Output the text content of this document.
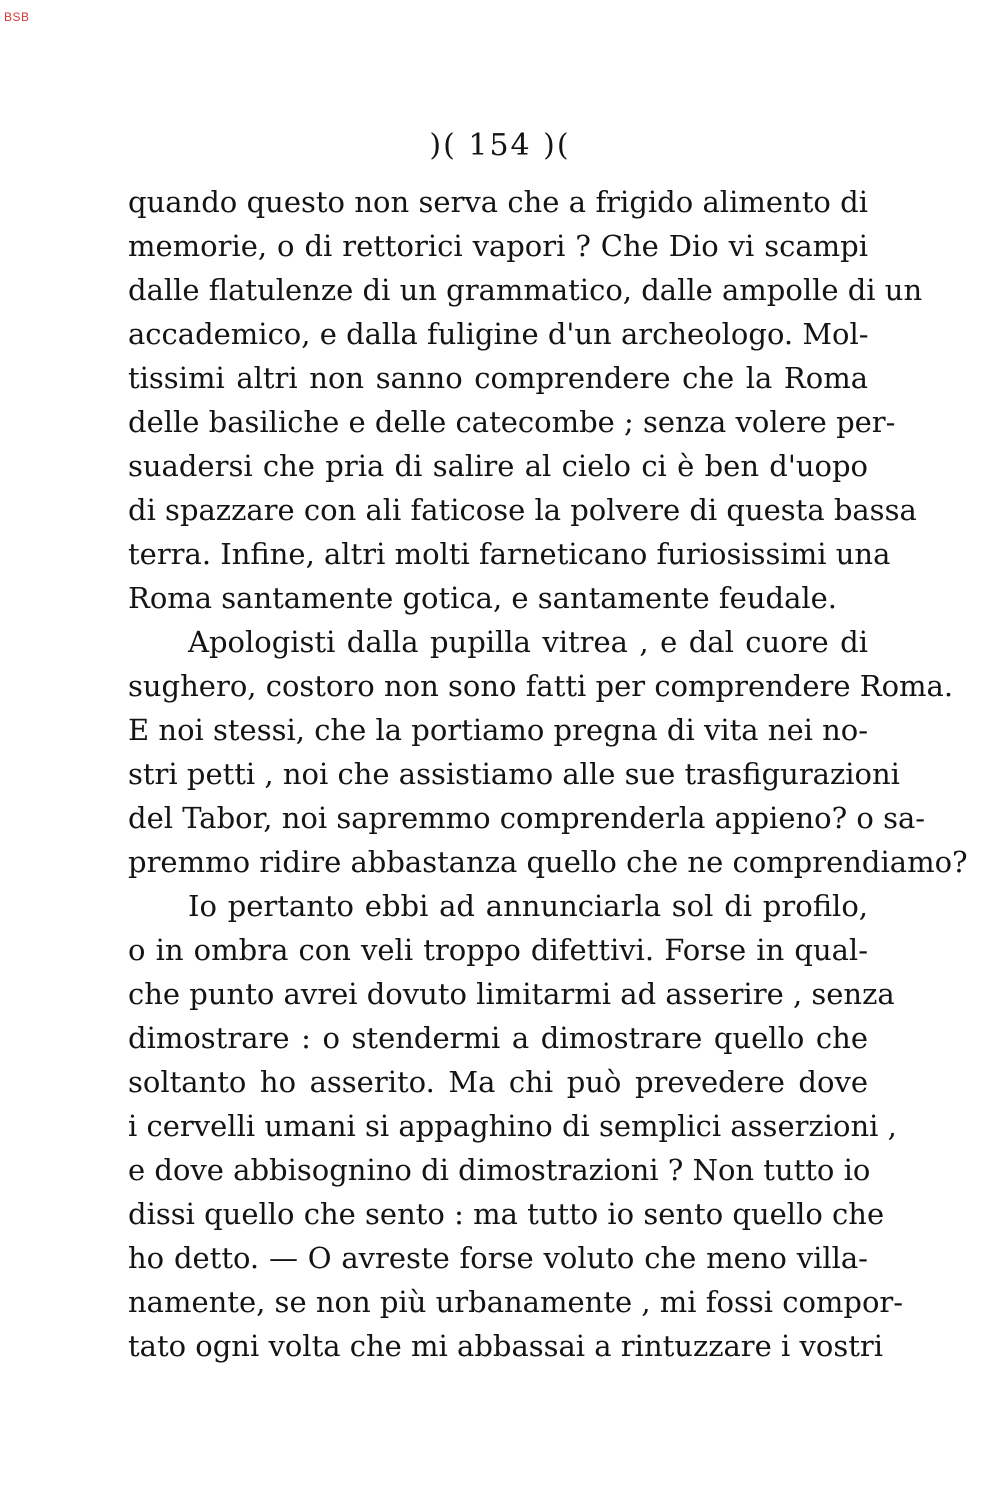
BSB
)( 154 )(
quando questo non serva che a frigido alimento di
memorie, o di rettorici vapori ? Che Dio vi scampi
dalle flatulenze di un grammatico, dalle ampolle di un
accademico, e dalla fuligine d'un archeologo. Mol-
tissimi altri non sanno comprendere che la Roma
delle basiliche e delle catecombe ; senza volere per-
suadersi che pria di salire al cielo ci è ben d'uopo
di spazzare con ali faticose la polvere di questa bassa
terra. Infine, altri molti farneticano furiosissimi una
Roma santamente gotica, e santamente feudale.
Apologisti dalla pupilla vitrea , e dal cuore di
sughero, costoro non sono fatti per comprendere Roma.
E noi stessi, che la portiamo pregna di vita nei no-
stri petti , noi che assistiamo alle sue trasfigurazioni
del Tabor, noi sapremmo comprenderla appieno? o sa-
premmo ridire abbastanza quello che ne comprendiamo?
Io pertanto ebbi ad annunciarla sol di profilo,
o in ombra con veli troppo difettivi. Forse in qual-
che punto avrei dovuto limitarmi ad asserire , senza
dimostrare : o stendermi a dimostrare quello che
soltanto ho asserito. Ma chi può prevedere dove
i cervelli umani si appaghino di semplici asserzioni ,
e dove abbisognino di dimostrazioni ? Non tutto io
dissi quello che sento : ma tutto io sento quello che
ho detto. — O avreste forse voluto che meno villa-
namente, se non più urbanamente , mi fossi compor-
tato ogni volta che mi abbassai a rintuzzare i vostri
